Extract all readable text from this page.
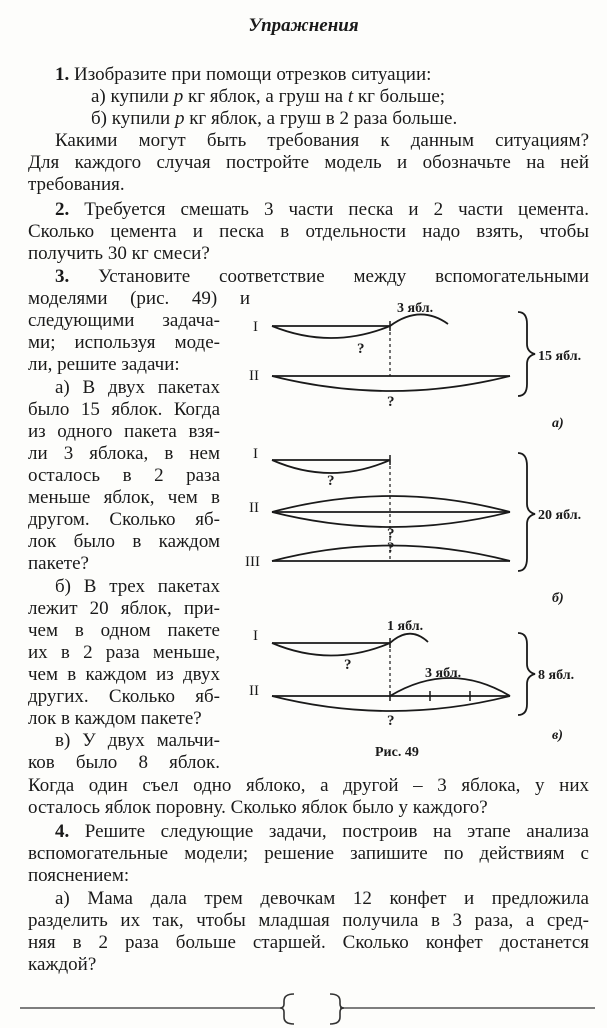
Упражнения
1. Изобразите при помощи отрезков ситуации:
а) купили p кг яблок, а груш на t кг больше;
б) купили p кг яблок, а груш в 2 раза больше.
Какими могут быть требования к данным ситуациям?
Для каждого случая постройте модель и обозначьте на ней
требования.
2. Требуется смешать 3 части песка и 2 части цемента.
Сколько цемента и песка в отдельности надо взять, чтобы
получить 30 кг смеси?
3. Установите соответствие между вспомогательными
моделями (рис. 49) и
следующими задача-
ми; используя моде-
ли, решите задачи:
а) В двух пакетах
было 15 яблок. Когда
из одного пакета взя-
ли 3 яблока, в нем
осталось в 2 раза
меньше яблок, чем в
другом. Сколько яб-
лок было в каждом
пакете?
б) В трех пакетах
лежит 20 яблок, при-
чем в одном пакете
их в 2 раза меньше,
чем в каждом из двух
других. Сколько яб-
лок в каждом пакете?
в) У двух мальчи-
ков было 8 яблок.
Когда один съел одно яблоко, а другой – 3 яблока, у них
осталось яблок поровну. Сколько яблок было у каждого?
I
II
3 ябл.
?
?
15 ябл.
а)
I
II
III
?
?
?
20 ябл.
б)
I
II
1 ябл.
3 ябл.
?
?
8 ябл.
в)
Рис. 49
4. Решите следующие задачи, построив на этапе анализа
вспомогательные модели; решение запишите по действиям с
пояснением:
а) Мама дала трем девочкам 12 конфет и предложила
разделить их так, чтобы младшая получила в 3 раза, а сред-
няя в 2 раза больше старшей. Сколько конфет достанется
каждой?
